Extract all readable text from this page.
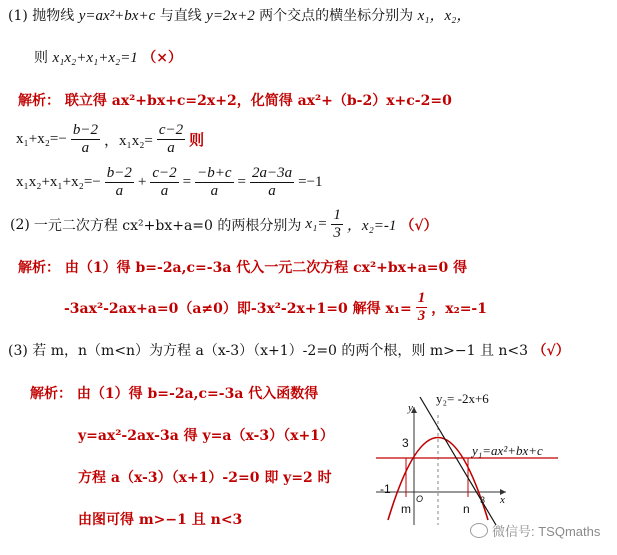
(1) 抛物线 y=ax²+bx+c 与直线 y=2x+2 两个交点的横坐标分别为 x₁，x₂，
则 x₁x₂+x₁+x₂=1 （×）
解析： 联立得 ax²+bx+c=2x+2，化简得 ax²+（b-2）x+c-2=0
$x_1+x_2=- \frac{b-2}{a}$ ，$x_1x_2= \frac{c-2}{a}$ 则
$x_1x_2+x_1+x_2=- \frac{b-2}{a} + \frac{c-2}{a} = \frac{-b+c}{a} = \frac{2a-3a}{a} =-1$
(2) 一元二次方程 cx²+bx+a=0 的两根分别为 $x_1= \frac{1}{3}$ ，x₂=-1 （√）
解析： 由（1）得 b=-2a,c=-3a 代入一元二次方程 cx²+bx+a=0 得
-3ax²-2ax+a=0（a≠0）即-3x²-2x+1=0 解得 $x_1= \frac{1}{3}$ ，x₂=-1
(3) 若 m，n（m<n）为方程 a（x-3）（x+1）-2=0 的两个根，则 m>−1 且 n<3 （√）
解析： 由（1）得 b=-2a,c=-3a 代入函数得
y=ax²-2ax-3a 得 y=a（x-3）（x+1）
方程 a（x-3）（x+1）-2=0 即 y=2 时
由图可得 m>−1 且 n<3
y₂= -2x+6
y₁=ax²+bx+c
y
x
3
-1
3
O
m	n
微信号: TSQmaths
